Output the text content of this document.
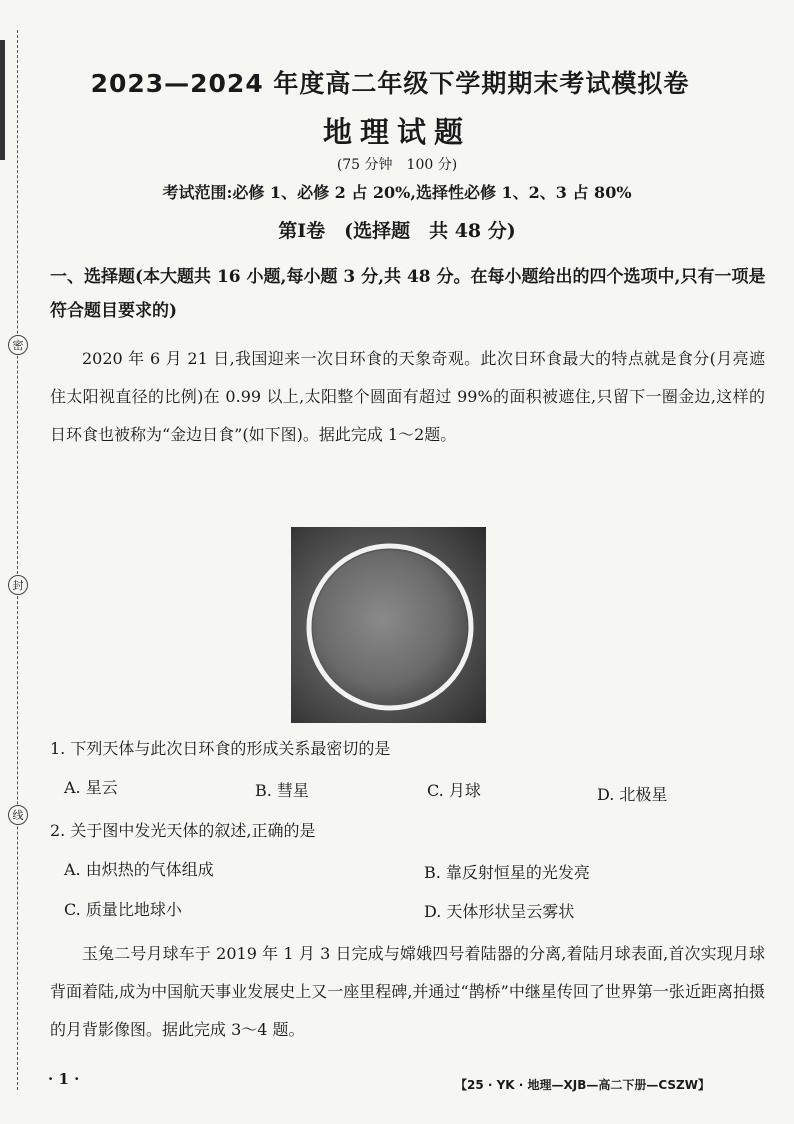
密
封
线
2023—2024 年度高二年级下学期期末考试模拟卷
地理试题
(75 分钟　100 分)
考试范围:必修 1、必修 2 占 20%,选择性必修 1、2、3 占 80%
第Ⅰ卷　(选择题　共 48 分)
一、选择题(本大题共 16 小题,每小题 3 分,共 48 分。在每小题给出的四个选项中,只有一项是符合题目要求的)
2020 年 6 月 21 日,我国迎来一次日环食的天象奇观。此次日环食最大的特点就是食分(月亮遮住太阳视直径的比例)在 0.99 以上,太阳整个圆面有超过 99%的面积被遮住,只留下一圈金边,这样的日环食也被称为“金边日食”(如下图)。据此完成 1～2题。
1. 下列天体与此次日环食的形成关系最密切的是
A. 星云	B. 彗星	C. 月球	D. 北极星
2. 关于图中发光天体的叙述,正确的是
A. 由炽热的气体组成	B. 靠反射恒星的光发亮
C. 质量比地球小	D. 天体形状呈云雾状
玉兔二号月球车于 2019 年 1 月 3 日完成与嫦娥四号着陆器的分离,着陆月球表面,首次实现月球背面着陆,成为中国航天事业发展史上又一座里程碑,并通过“鹊桥”中继星传回了世界第一张近距离拍摄的月背影像图。据此完成 3～4 题。
· 1 ·	【25 · YK · 地理—XJB—高二下册—CSZW】
